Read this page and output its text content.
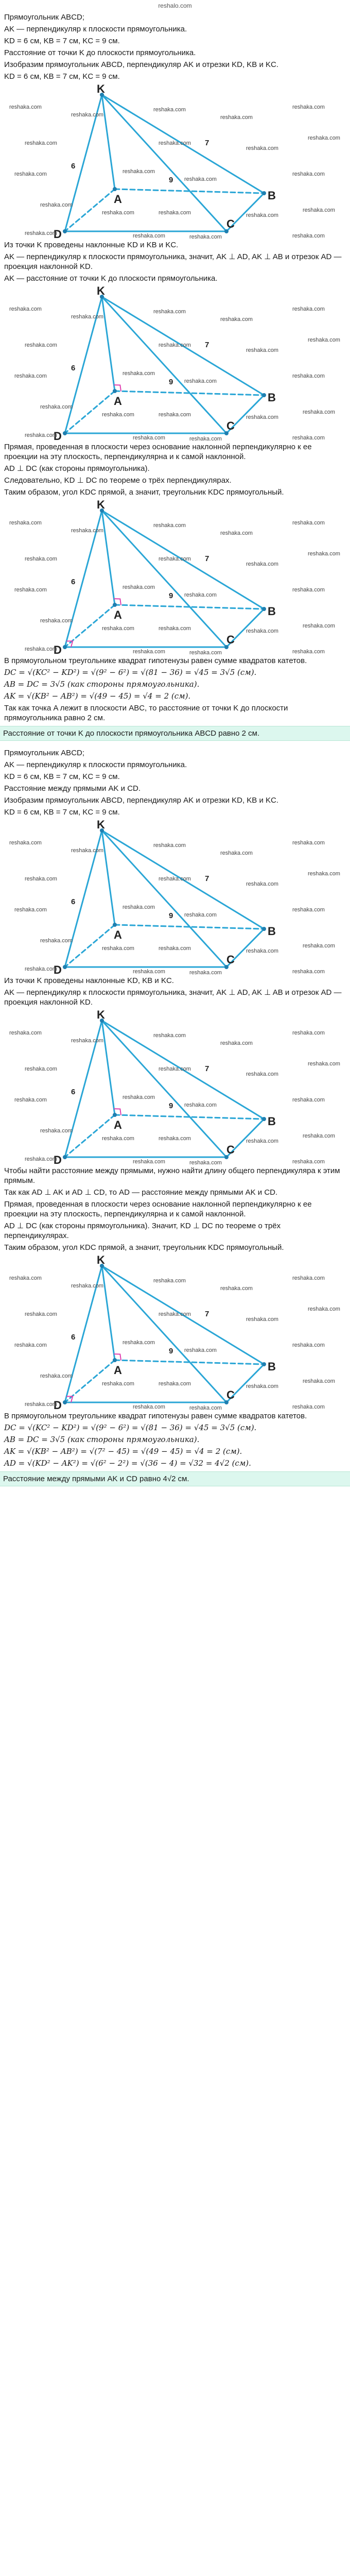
reshalo.com
Прямоугольник ABCD;
AK — перпендикуляр к плоскости прямоугольника.
KD = 6 см, KB = 7 см, KC = 9 см.
Расстояние от точки K до плоскости прямоугольника.
Изобразим прямоугольник ABCD, перпендикуляр AK и отрезки KD, KB и KC.
KD = 6 см, KB = 7 см, KC = 9 см.
K
A	B
C
D
6
7
9
reshaka.com
reshaka.com
reshaka.com
reshaka.com
reshaka.com
reshaka.com	reshaka.com
reshaka.com
reshaka.com
reshaka.com	reshaka.com
reshaka.com
reshaka.com
reshaka.com
reshaka.com	reshaka.com	reshaka.com
reshaka.com
reshaka.com	reshaka.com	reshaka.com	reshaka.com
Из точки K проведены наклонные KD и KB и KC.
AK — перпендикуляр к плоскости прямоугольника, значит, AK ⊥ AD, AK ⊥ AB и отрезок AD — проекция наклонной KD.
AK — расстояние от точки K до плоскости прямоугольника.
K
A	B
C
D
6
7
9
reshaka.com
reshaka.com
reshaka.com
reshaka.com
reshaka.com
reshaka.com	reshaka.com
reshaka.com
reshaka.com
reshaka.com	reshaka.com
reshaka.com
reshaka.com
reshaka.com
reshaka.com	reshaka.com	reshaka.com
reshaka.com
reshaka.com	reshaka.com	reshaka.com	reshaka.com
Прямая, проведенная в плоскости через основание наклонной перпендикулярно к ее проекции на эту плоскость, перпендикулярна и к самой наклонной.
AD ⊥ DC (как стороны прямоугольника).
Следовательно, KD ⊥ DC по теореме о трёх перпендикулярах.
Таким образом, угол KDC прямой, а значит, треугольник KDC прямоугольный.
K
A	B
C
D
6
7
9
reshaka.com
reshaka.com
reshaka.com
reshaka.com
reshaka.com
reshaka.com	reshaka.com
reshaka.com
reshaka.com
reshaka.com	reshaka.com
reshaka.com
reshaka.com
reshaka.com
reshaka.com	reshaka.com	reshaka.com
reshaka.com
reshaka.com	reshaka.com	reshaka.com	reshaka.com
В прямоугольном треугольнике квадрат гипотенузы равен сумме квадратов катетов.
DC = √(KC² − KD²) = √(9² − 6²) = √(81 − 36) = √45 = 3√5 (см).
AB = DC = 3√5 (как стороны прямоугольника).
AK = √(KB² − AB²) = √(49 − 45) = √4 = 2 (см).
Так как точка A лежит в плоскости ABC, то расстояние от точки K до плоскости прямоугольника равно 2 см.
Расстояние от точки K до плоскости прямоугольника ABCD равно 2 см.
Прямоугольник ABCD;
AK — перпендикуляр к плоскости прямоугольника.
KD = 6 см, KB = 7 см, KC = 9 см.
Расстояние между прямыми AK и CD.
Изобразим прямоугольник ABCD, перпендикуляр AK и отрезки KD, KB и KC.
KD = 6 см, KB = 7 см, KC = 9 см.
K
A	B
C
D
6
7
9
reshaka.com
reshaka.com
reshaka.com
reshaka.com
reshaka.com
reshaka.com	reshaka.com
reshaka.com
reshaka.com
reshaka.com	reshaka.com
reshaka.com
reshaka.com
reshaka.com
reshaka.com	reshaka.com	reshaka.com
reshaka.com
reshaka.com	reshaka.com	reshaka.com	reshaka.com
Из точки K проведены наклонные KD, KB и KC.
AK — перпендикуляр к плоскости прямоугольника, значит, AK ⊥ AD, AK ⊥ AB и отрезок AD — проекция наклонной KD.
K
A	B
C
D
6
7
9
reshaka.com
reshaka.com
reshaka.com
reshaka.com
reshaka.com
reshaka.com	reshaka.com
reshaka.com
reshaka.com
reshaka.com	reshaka.com
reshaka.com
reshaka.com
reshaka.com
reshaka.com	reshaka.com	reshaka.com
reshaka.com
reshaka.com	reshaka.com	reshaka.com	reshaka.com
Чтобы найти расстояние между прямыми, нужно найти длину общего перпендикуляра к этим прямым.
Так как AD ⊥ AK и AD ⊥ CD, то AD — расстояние между прямыми AK и CD.
Прямая, проведенная в плоскости через основание наклонной перпендикулярно к ее проекции на эту плоскость, перпендикулярна и к самой наклонной.
AD ⊥ DC (как стороны прямоугольника). Значит, KD ⊥ DC по теореме о трёх перпендикулярах.
Таким образом, угол KDC прямой, а значит, треугольник KDC прямоугольный.
K
A	B
C
D
6
7
9
reshaka.com
reshaka.com
reshaka.com
reshaka.com
reshaka.com
reshaka.com	reshaka.com
reshaka.com
reshaka.com
reshaka.com	reshaka.com
reshaka.com
reshaka.com
reshaka.com
reshaka.com	reshaka.com	reshaka.com
reshaka.com
reshaka.com	reshaka.com	reshaka.com	reshaka.com
В прямоугольном треугольнике квадрат гипотенузы равен сумме квадратов катетов.
DC = √(KC² − KD²) = √(9² − 6²) = √(81 − 36) = √45 = 3√5 (см).
AB = DC = 3√5 (как стороны прямоугольника).
AK = √(KB² − AB²) = √(7² − 45) = √(49 − 45) = √4 = 2 (см).
AD = √(KD² − AK²) = √(6² − 2²) = √(36 − 4) = √32 = 4√2 (см).
Расстояние между прямыми AK и CD равно 4√2 см.
